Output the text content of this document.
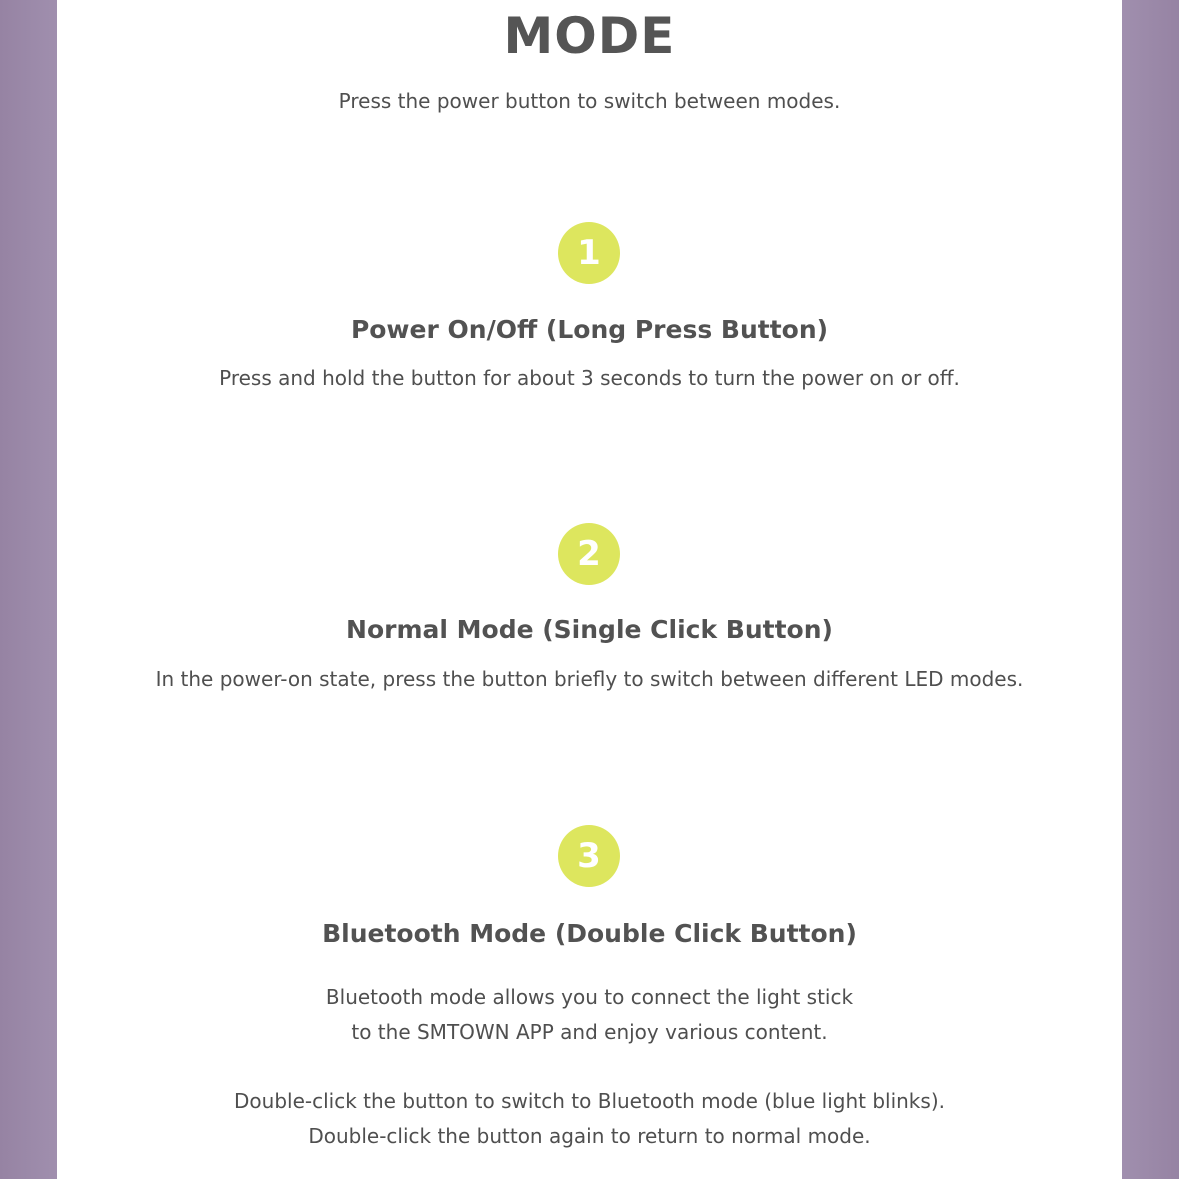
MODE

Press the power button to switch between modes.

1
Power On/Off (Long Press Button)

Press and hold the button for about 3 seconds to turn the power on or off.

2
Normal Mode (Single Click Button)

In the power-on state, press the button briefly to switch between different LED modes.

3
Bluetooth Mode (Double Click Button)

Bluetooth mode allows you to connect the light stick

to the SMTOWN APP and enjoy various content.

Double-click the button to switch to Bluetooth mode (blue light blinks).

Double-click the button again to return to normal mode.
